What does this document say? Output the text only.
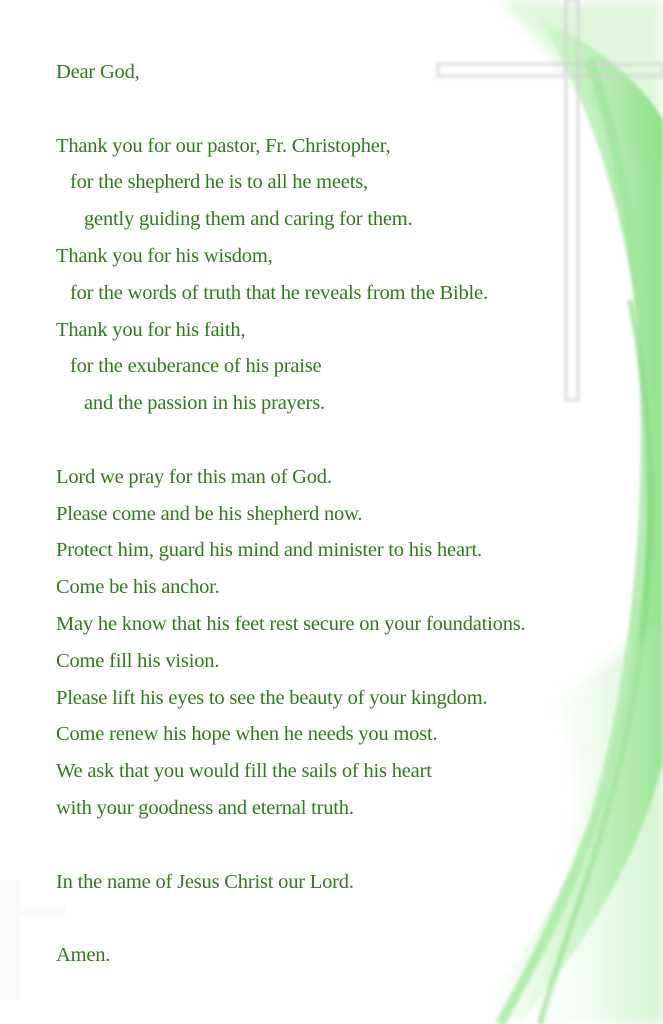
Dear God,
Thank you for our pastor, Fr. Christopher,
for the shepherd he is to all he meets,
gently guiding them and caring for them.
Thank you for his wisdom,
for the words of truth that he reveals from the Bible.
Thank you for his faith,
for the exuberance of his praise
and the passion in his prayers.
Lord we pray for this man of God.
Please come and be his shepherd now.
Protect him, guard his mind and minister to his heart.
Come be his anchor.
May he know that his feet rest secure on your foundations.
Come fill his vision.
Please lift his eyes to see the beauty of your kingdom.
Come renew his hope when he needs you most.
We ask that you would fill the sails of his heart
with your goodness and eternal truth.
In the name of Jesus Christ our Lord.
Amen.
